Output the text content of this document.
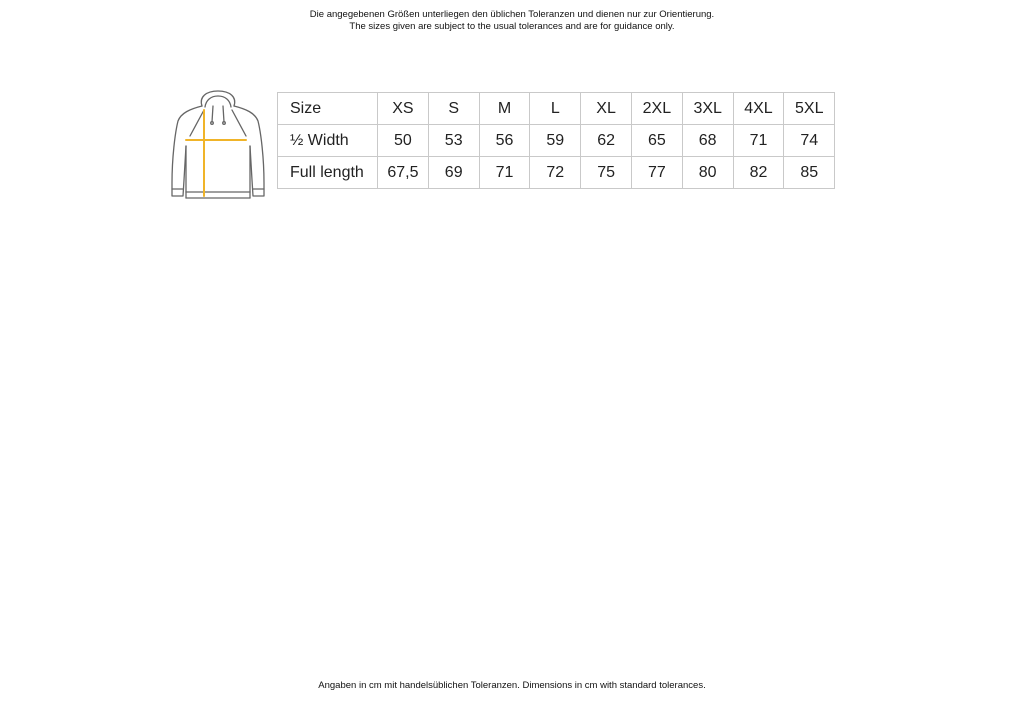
Die angegebenen Größen unterliegen den üblichen Toleranzen und dienen nur zur Orientierung.
The sizes given are subject to the usual tolerances and are for guidance only.
Size	XS	S	M	L	XL	2XL	3XL	4XL	5XL
½ Width	50	53	56	59	62	65	68	71	74
Full length	67,5	69	71	72	75	77	80	82	85
Angaben in cm mit handelsüblichen Toleranzen. Dimensions in cm with standard tolerances.
